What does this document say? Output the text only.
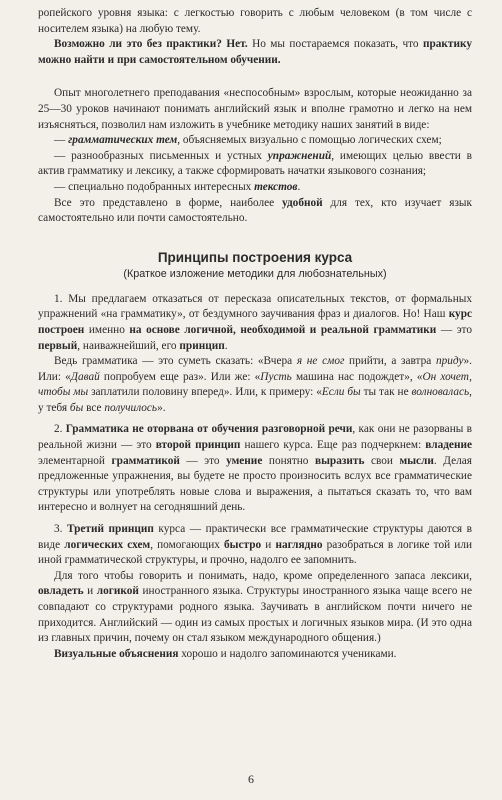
ропейского уровня языка: с легкостью говорить с любым человеком (в том числе с носителем языка) на любую тему.

Возможно ли это без практики? Нет. Но мы постараемся показать, что практику можно найти и при самостоятельном обучении.

Опыт многолетнего преподавания «неспособным» взрослым, которые неожиданно за 25—30 уроков начинают понимать английский язык и вполне грамотно и легко на нем изъясняться, позволил нам изложить в учебнике методику наших занятий в виде:

— грамматических тем, объясняемых визуально с помощью логических схем;

— разнообразных письменных и устных упражнений, имеющих целью ввести в актив грамматику и лексику, а также сформировать начатки языкового сознания;

— специально подобранных интересных текстов.

Все это представлено в форме, наиболее удобной для тех, кто изучает язык самостоятельно или почти самостоятельно.

Принципы построения курса
(Краткое изложение методики для любознательных)

1. Мы предлагаем отказаться от пересказа описательных текстов, от формальных упражнений «на грамматику», от бездумного заучивания фраз и диалогов. Но! Наш курс построен именно на основе логичной, необходимой и реальной грамматики — это первый, наиважнейший, его принцип.

Ведь грамматика — это суметь сказать: «Вчера я не смог прийти, а завтра приду». Или: «Давай попробуем еще раз». Или же: «Пусть машина нас подождет», «Он хочет, чтобы мы заплатили половину вперед». Или, к примеру: «Если бы ты так не волновалась, у тебя бы все получилось».

2. Грамматика не оторвана от обучения разговорной речи, как они не разорваны в реальной жизни — это второй принцип нашего курса. Еще раз подчеркнем: владение элементарной грамматикой — это умение понятно выразить свои мысли. Делая предложенные упражнения, вы будете не просто произносить вслух все грамматические структуры или употреблять новые слова и выражения, а пытаться сказать то, что вам интересно и волнует на сегодняшний день.

3. Третий принцип курса — практически все грамматические структуры даются в виде логических схем, помогающих быстро и наглядно разобраться в логике той или иной грамматической структуры, и прочно, надолго ее запомнить.

Для того чтобы говорить и понимать, надо, кроме определенного запаса лексики, овладеть и логикой иностранного языка. Структуры иностранного языка чаще всего не совпадают со структурами родного языка. Заучивать в английском почти ничего не приходится. Английский — один из самых простых и логичных языков мира. (И это одна из главных причин, почему он стал языком международного общения.)

Визуальные объяснения хорошо и надолго запоминаются учениками.

6
